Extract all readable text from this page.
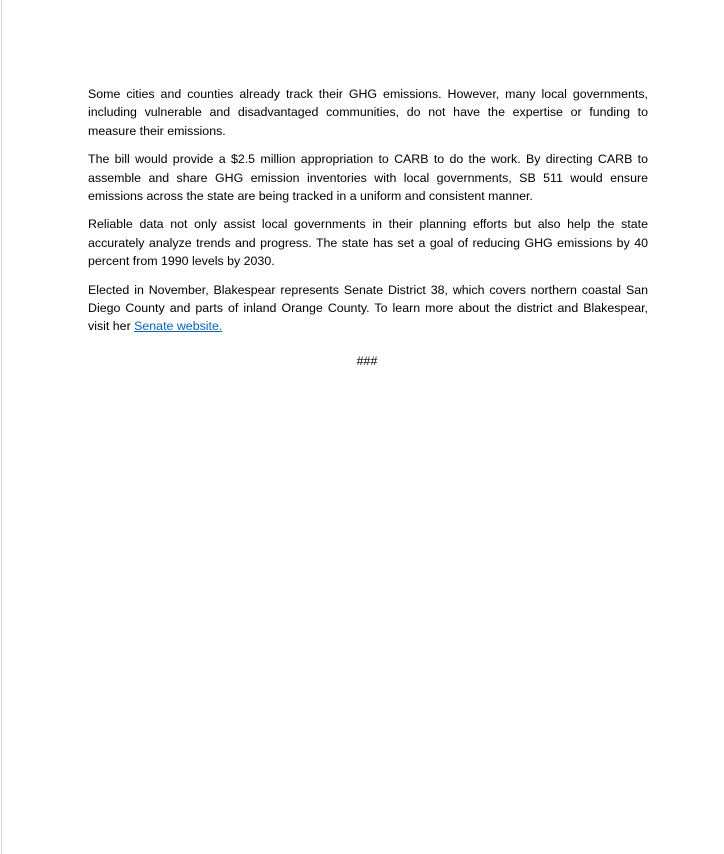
Some cities and counties already track their GHG emissions. However, many local governments, including vulnerable and disadvantaged communities, do not have the expertise or funding to measure their emissions.

The bill would provide a $2.5 million appropriation to CARB to do the work. By directing CARB to assemble and share GHG emission inventories with local governments, SB 511 would ensure emissions across the state are being tracked in a uniform and consistent manner.

Reliable data not only assist local governments in their planning efforts but also help the state accurately analyze trends and progress. The state has set a goal of reducing GHG emissions by 40 percent from 1990 levels by 2030.

Elected in November, Blakespear represents Senate District 38, which covers northern coastal San Diego County and parts of inland Orange County. To learn more about the district and Blakespear, visit her Senate website.

###
